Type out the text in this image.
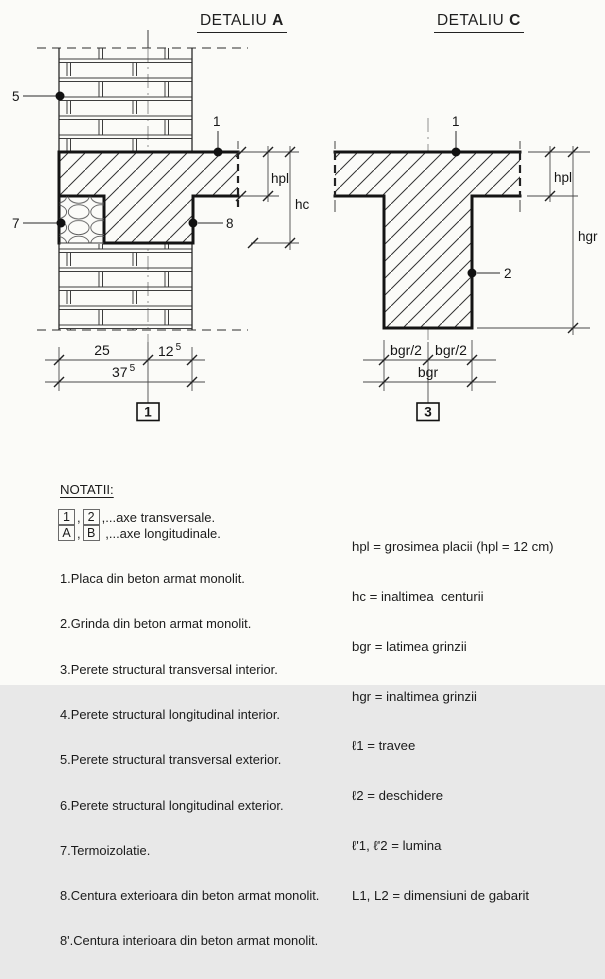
DETALIU A	DETALIU C
5
1
7	8
hpl
hc
25	12 $^5$
37 $^5$
1
1
2
hpl
hgr
bgr/2 bgr/2
bgr
3
NOTATII:
1 , 2 ,...axe transversale.
A , B ,...axe longitudinale.

1.Placa din beton armat monolit.

2.Grinda din beton armat monolit.

3.Perete structural transversal interior.

4.Perete structural longitudinal interior.

5.Perete structural transversal exterior.

6.Perete structural longitudinal exterior.

7.Termoizolatie.

8.Centura exterioara din beton armat monolit.

8'.Centura interioara din beton armat monolit.

hpl = grosimea placii (hpl = 12 cm)

hc = inaltimea  centurii

bgr = latimea grinzii

hgr = inaltimea grinzii

ℓ1 = travee

ℓ2 = deschidere

ℓ'1, ℓ'2 = lumina

L1, L2 = dimensiuni de gabarit
